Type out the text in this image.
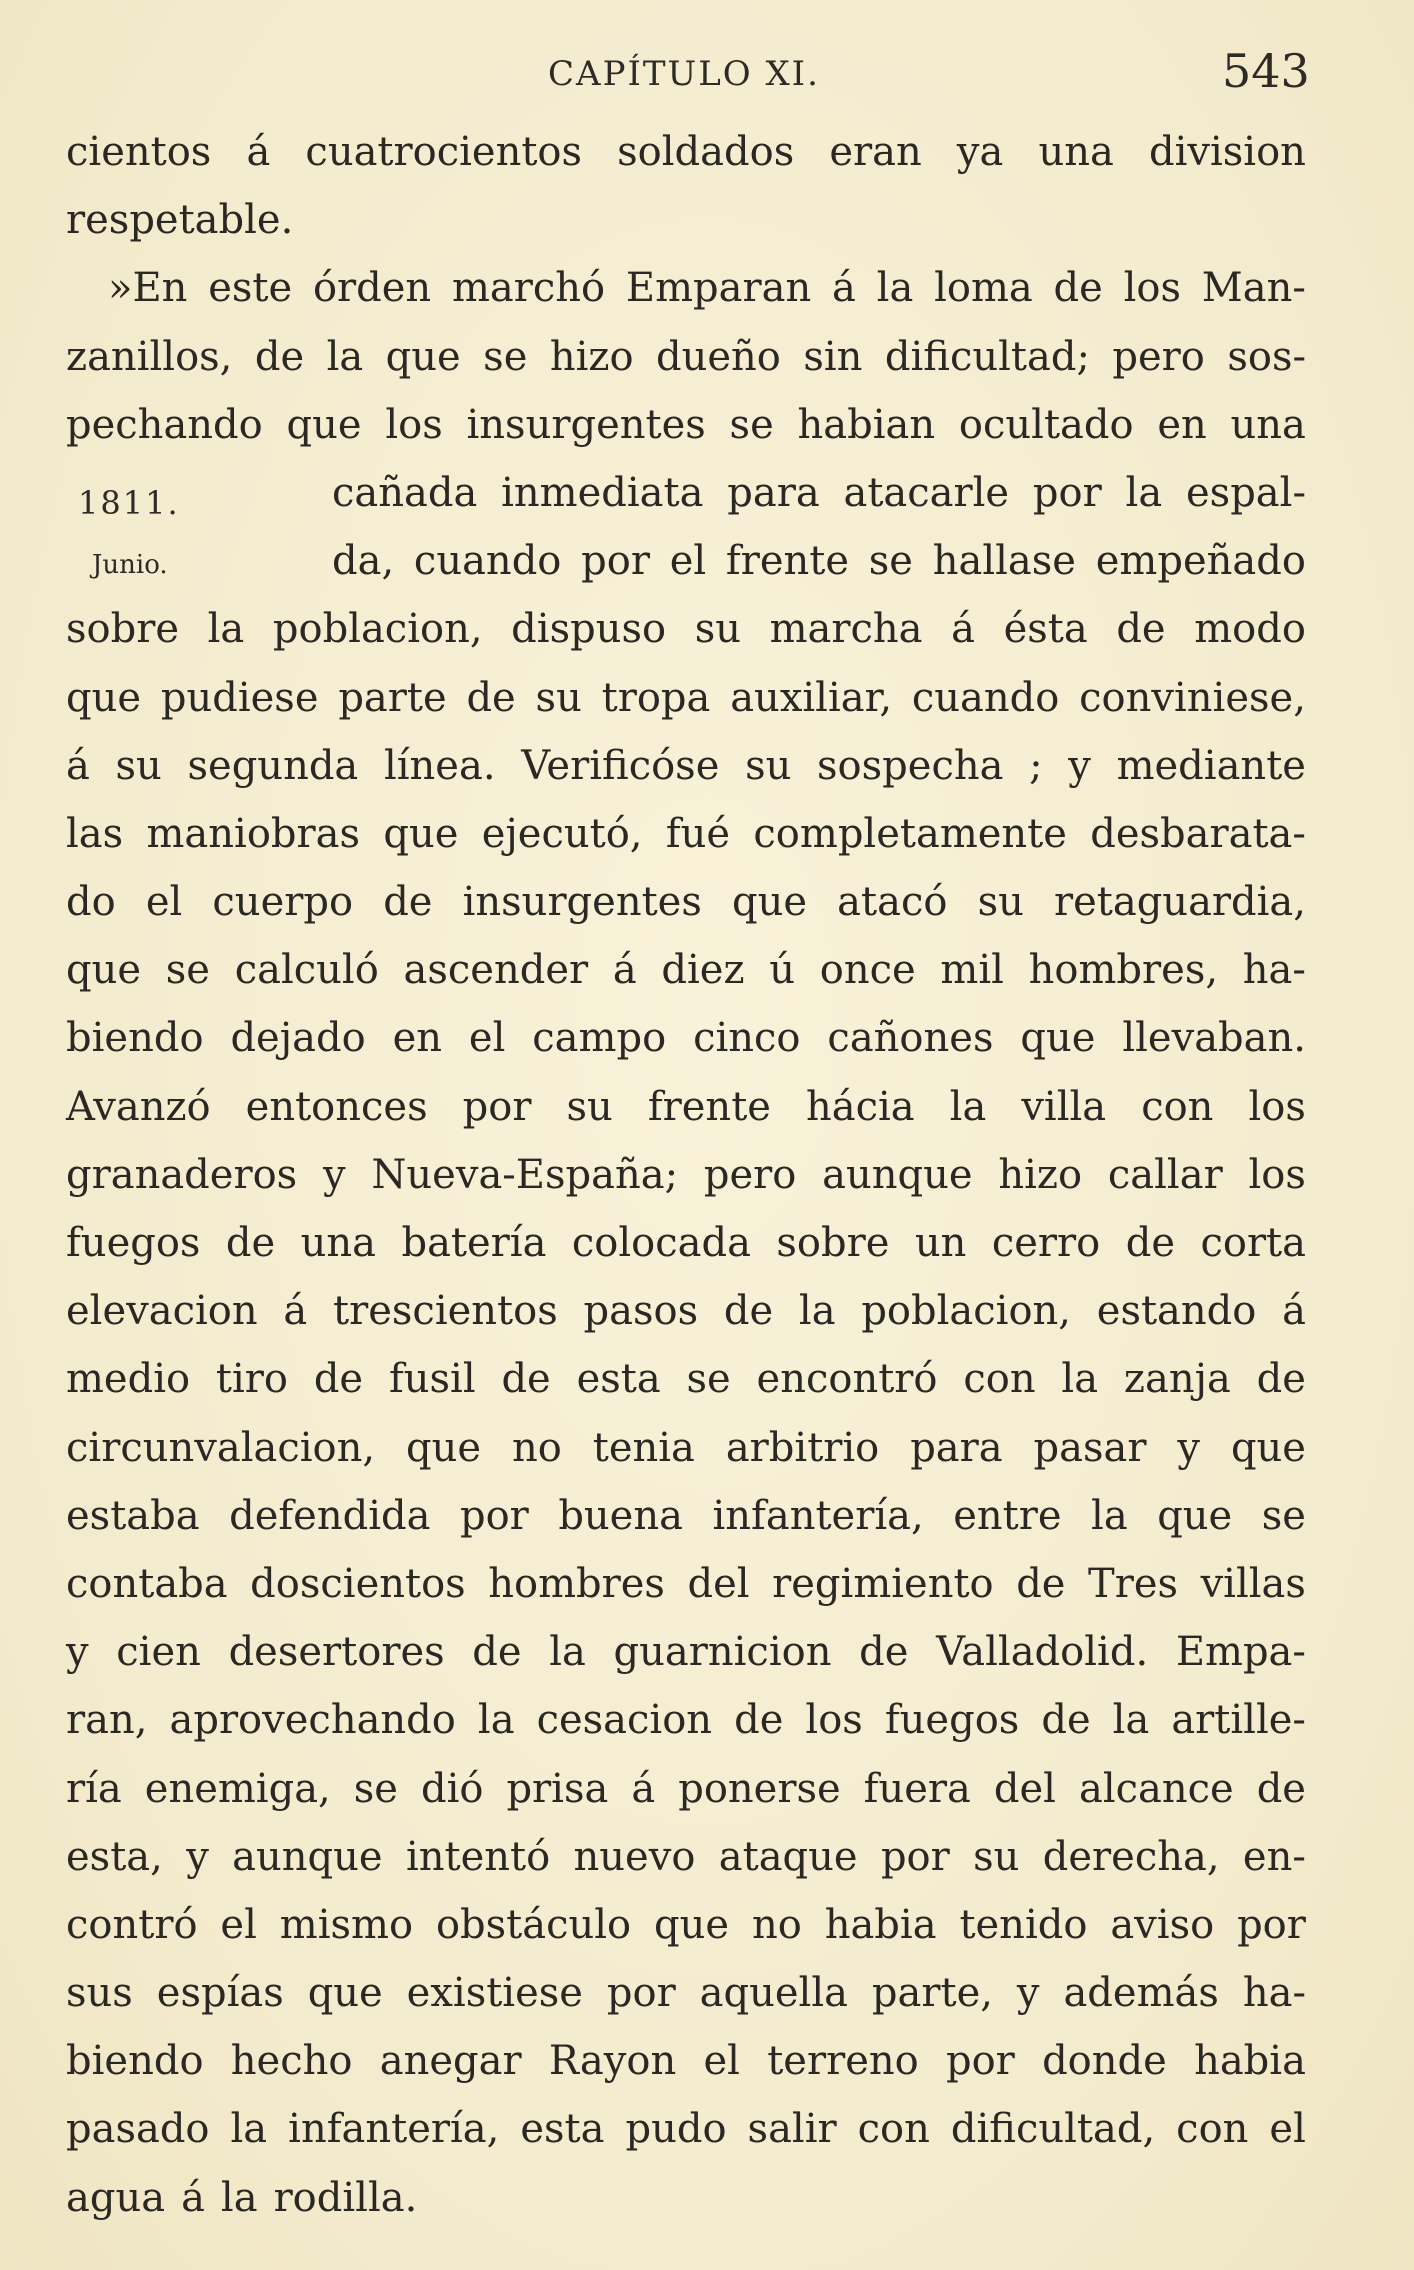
CAPÍTULO XI.	543
1811.
Junio.
cientos á cuatrocientos soldados eran ya una division
respetable.
»En este órden marchó Emparan á la loma de los Man-
zanillos, de la que se hizo dueño sin dificultad; pero sos-
pechando que los insurgentes se habian ocultado en una
cañada inmediata para atacarle por la espal-
da, cuando por el frente se hallase empeñado
sobre la poblacion, dispuso su marcha á ésta de modo
que pudiese parte de su tropa auxiliar, cuando conviniese,
á su segunda línea. Verificóse su sospecha ; y mediante
las maniobras que ejecutó, fué completamente desbarata-
do el cuerpo de insurgentes que atacó su retaguardia,
que se calculó ascender á diez ú once mil hombres, ha-
biendo dejado en el campo cinco cañones que llevaban.
Avanzó entonces por su frente hácia la villa con los
granaderos y Nueva-España; pero aunque hizo callar los
fuegos de una batería colocada sobre un cerro de corta
elevacion á trescientos pasos de la poblacion, estando á
medio tiro de fusil de esta se encontró con la zanja de
circunvalacion, que no tenia arbitrio para pasar y que
estaba defendida por buena infantería, entre la que se
contaba doscientos hombres del regimiento de Tres villas
y cien desertores de la guarnicion de Valladolid. Empa-
ran, aprovechando la cesacion de los fuegos de la artille-
ría enemiga, se dió prisa á ponerse fuera del alcance de
esta, y aunque intentó nuevo ataque por su derecha, en-
contró el mismo obstáculo que no habia tenido aviso por
sus espías que existiese por aquella parte, y además ha-
biendo hecho anegar Rayon el terreno por donde habia
pasado la infantería, esta pudo salir con dificultad, con el
agua á la rodilla.
